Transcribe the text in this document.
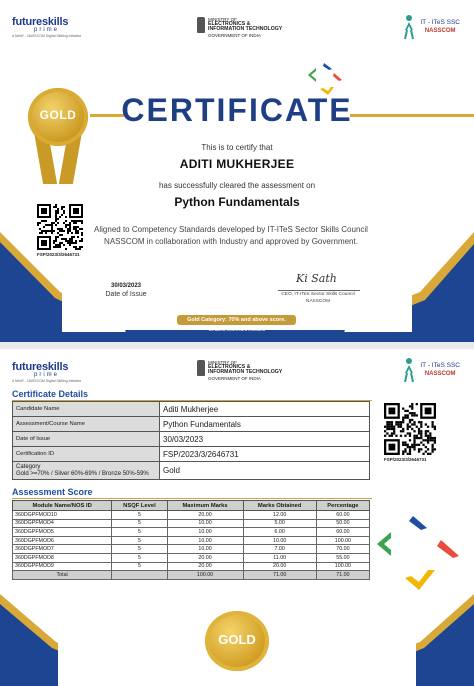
futureskills
prime
A MeitY - NASSCOM Digital Skilling Initiative
MINISTRY OF
ELECTRONICS &
INFORMATION TECHNOLOGY
GOVERNMENT OF INDIA
IT - ITeS SSC
NASSCOM
GOLD	CERTIFICATE
This is to certify that
ADITI MUKHERJEE
has successfully cleared the assessment on
Python Fundamentals
Aligned to Competency Standards developed by IT-ITeS Sector Skills Council NASSCOM in collaboration with Industry and approved by Government.
FSP/2023/3/2646731
30/03/2023
Date of Issue
Ki Sath
CEO, IT-ITeS Sector Skills Council
NASSCOM
Gold Category: 70% and above score.
Detailed Scorecard included
futureskills
prime
A MeitY - NASSCOM Digital Skilling Initiative
MINISTRY OF
ELECTRONICS &
INFORMATION TECHNOLOGY
GOVERNMENT OF INDIA
IT - ITeS SSC
NASSCOM
Certificate Details
Candidate Name	Aditi Mukherjee
Assessment/Course Name	Python Fundamentals
Date of Issue	30/03/2023
Certification ID	FSP/2023/3/2646731

Category
Gold >=70% / Silver 60%-69% / Bronze 50%-59%	Gold
FSP/2023/3/2646731
Assessment Score
Module Name/NOS ID	NSQF Level	Maximum Marks	Marks Obtained	Percentage
360DGPFMOD10	5	20.00	12.00	60.00
360DGPFMOD4	5	10.00	5.00	50.00
360DGPFMOD5	5	10.00	6.00	60.00
360DGPFMOD6	5	10.00	10.00	100.00
360DGPFMOD7	5	10.00	7.00	70.00
360DGPFMOD8	5	20.00	11.00	55.00
360DGPFMOD9	5	20.00	20.00	100.00
Total		100.00	71.00	71.00
GOLD
